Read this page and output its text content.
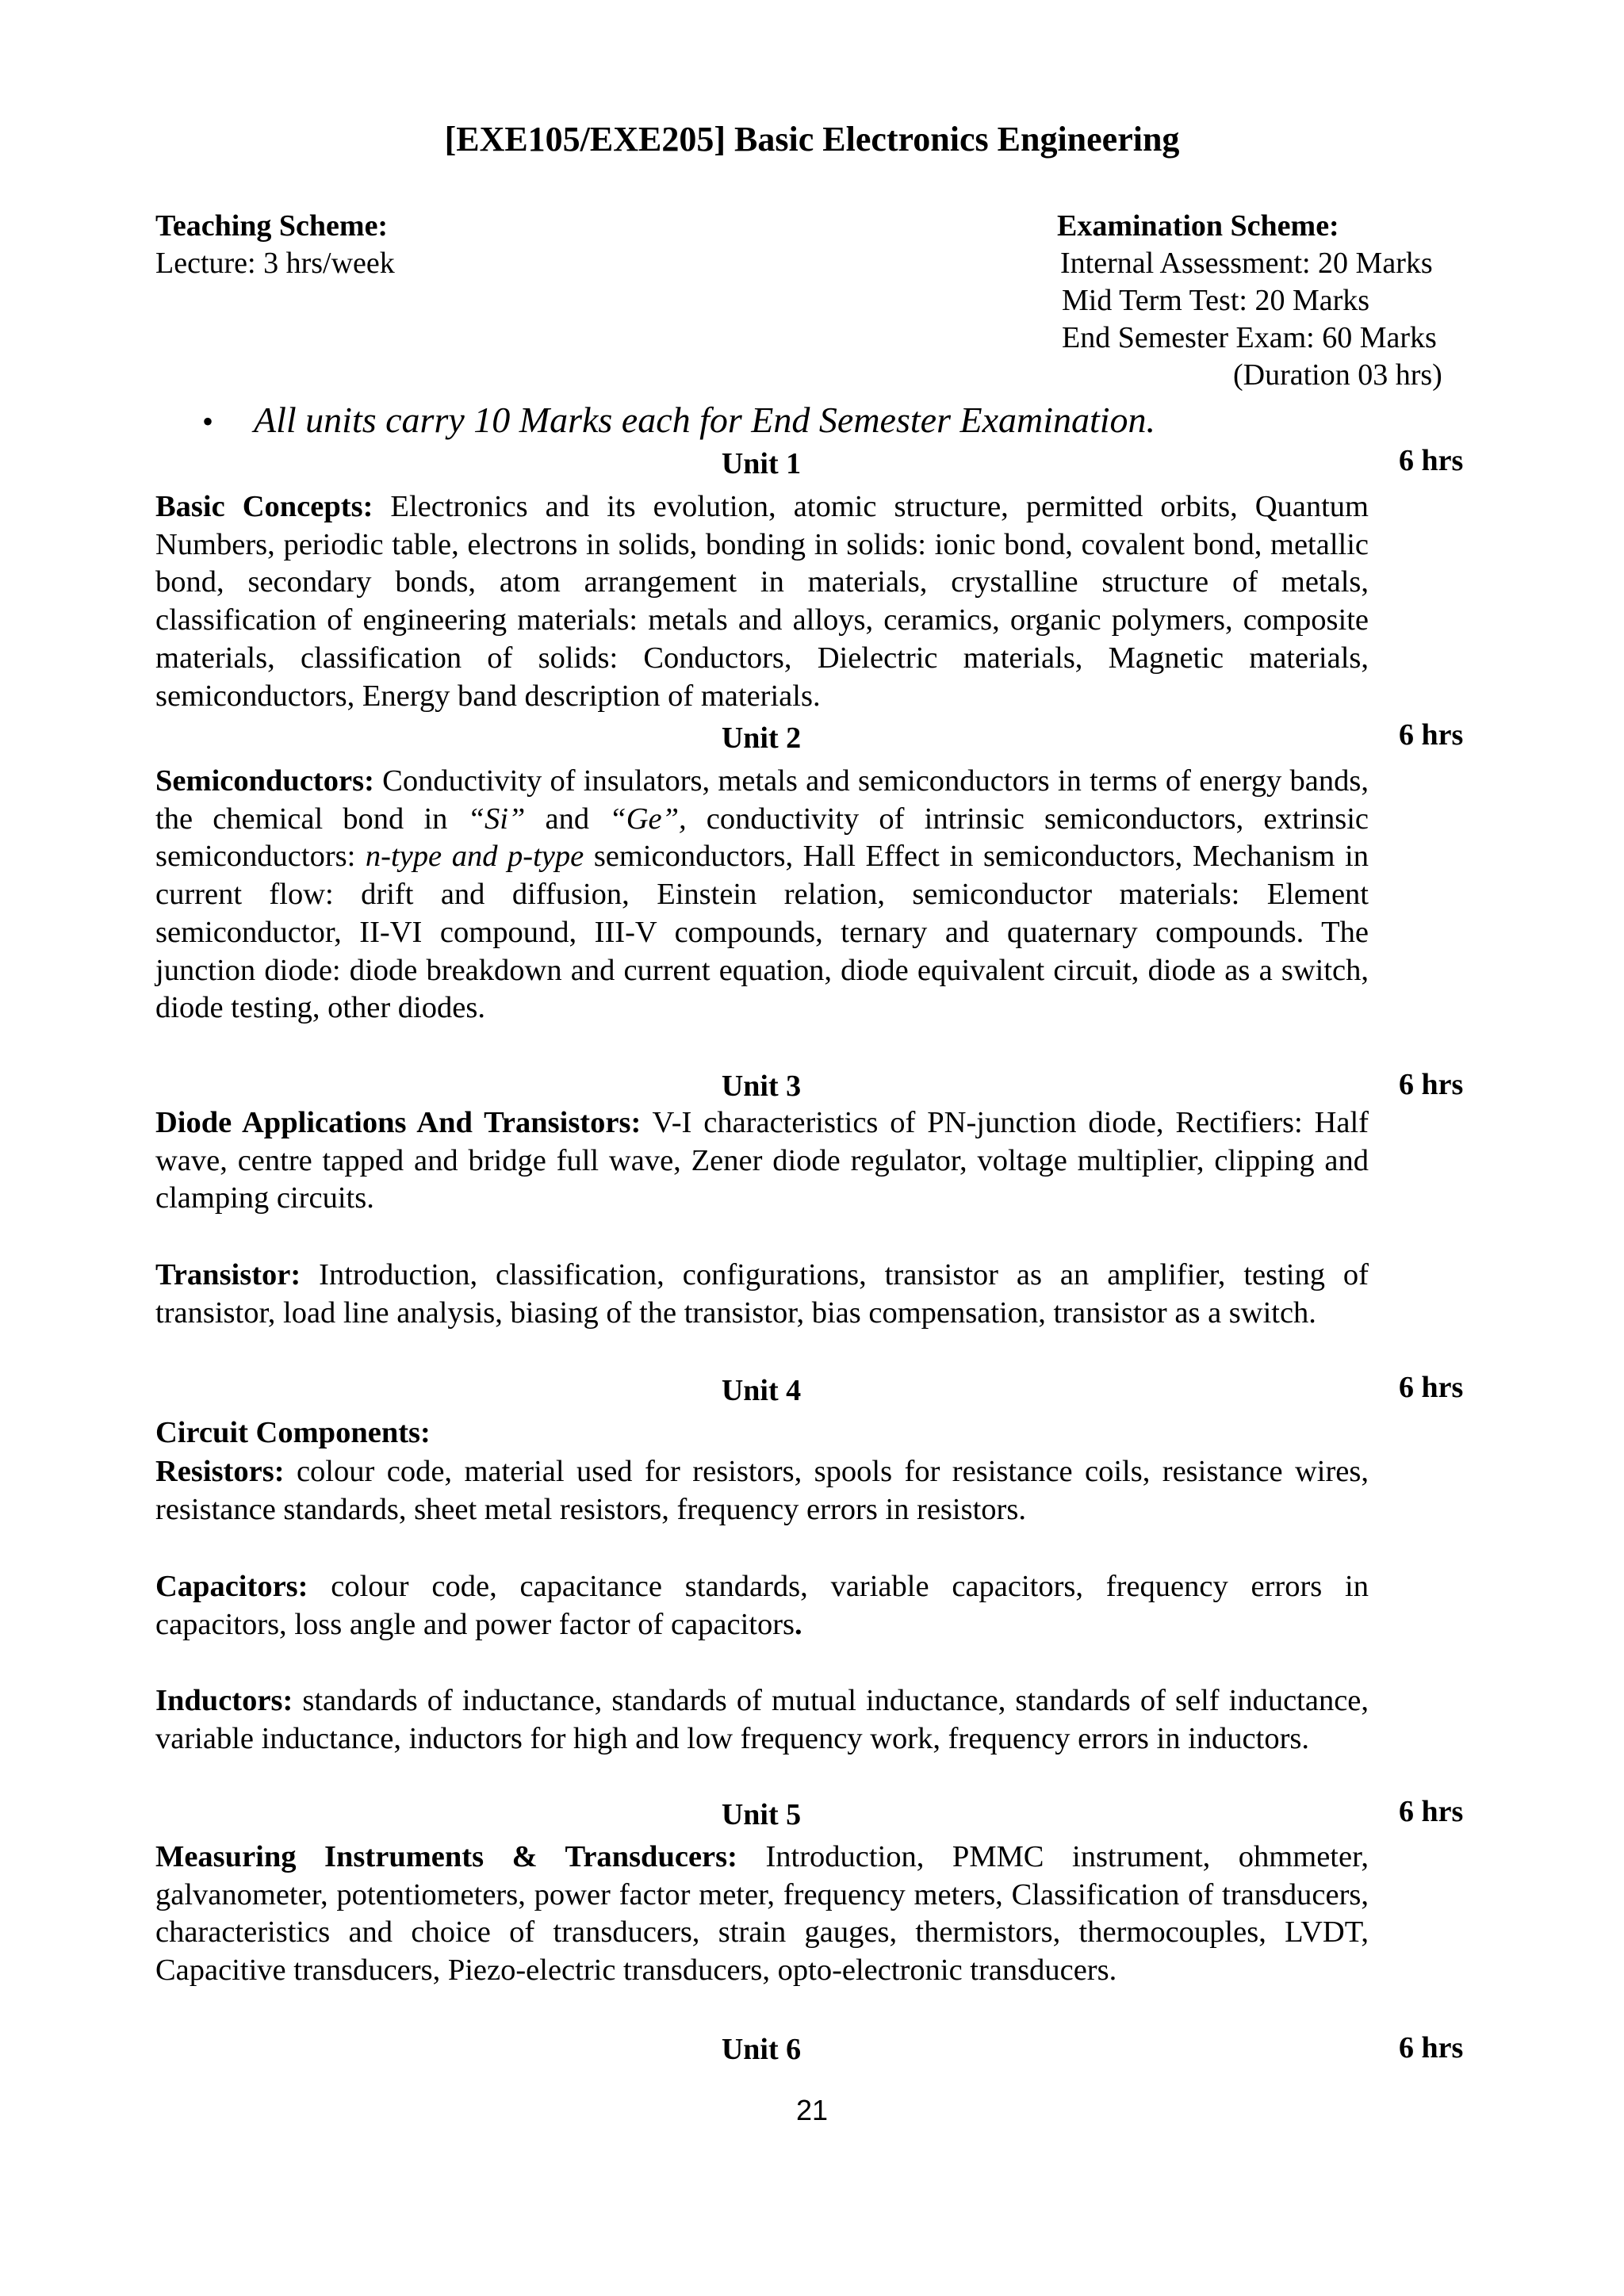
[EXE105/EXE205] Basic Electronics Engineering
Teaching Scheme:
Lecture: 3 hrs/week
Examination Scheme:
Internal Assessment: 20 Marks
Mid Term Test: 20 Marks
End Semester Exam: 60 Marks
(Duration 03 hrs)
• All units carry 10 Marks each for End Semester Examination.
Unit 1	6 hrs
Basic Concepts: Electronics and its evolution, atomic structure, permitted orbits, Quantum Numbers, periodic table, electrons in solids, bonding in solids: ionic bond, covalent bond, metallic bond, secondary bonds, atom arrangement in materials, crystalline structure of metals, classification of engineering materials: metals and alloys, ceramics, organic polymers, composite materials, classification of solids: Conductors, Dielectric materials, Magnetic materials, semiconductors, Energy band description of materials.
Unit 2	6 hrs
Semiconductors: Conductivity of insulators, metals and semiconductors in terms of energy bands, the chemical bond in “Si” and “Ge”, conductivity of intrinsic semiconductors, extrinsic semiconductors: n-type and p-type semiconductors, Hall Effect in semiconductors, Mechanism in current flow: drift and diffusion, Einstein relation, semiconductor materials: Element semiconductor, II-VI compound, III-V compounds, ternary and quaternary compounds. The junction diode: diode breakdown and current equation, diode equivalent circuit, diode as a switch, diode testing, other diodes.
Unit 3	6 hrs
Diode Applications And Transistors: V-I characteristics of PN-junction diode, Rectifiers: Half wave, centre tapped and bridge full wave, Zener diode regulator, voltage multiplier, clipping and clamping circuits.
Transistor: Introduction, classification, configurations, transistor as an amplifier, testing of transistor, load line analysis, biasing of the transistor, bias compensation, transistor as a switch.
Unit 4	6 hrs
Circuit Components:
Resistors: colour code, material used for resistors, spools for resistance coils, resistance wires, resistance standards, sheet metal resistors, frequency errors in resistors.
Capacitors: colour code, capacitance standards, variable capacitors, frequency errors in capacitors, loss angle and power factor of capacitors.
Inductors: standards of inductance, standards of mutual inductance, standards of self inductance, variable inductance, inductors for high and low frequency work, frequency errors in inductors.
Unit 5	6 hrs
Measuring Instruments & Transducers: Introduction, PMMC instrument, ohmmeter, galvanometer, potentiometers, power factor meter, frequency meters, Classification of transducers, characteristics and choice of transducers, strain gauges, thermistors, thermocouples, LVDT, Capacitive transducers, Piezo-electric transducers, opto-electronic transducers.
Unit 6	6 hrs
21
